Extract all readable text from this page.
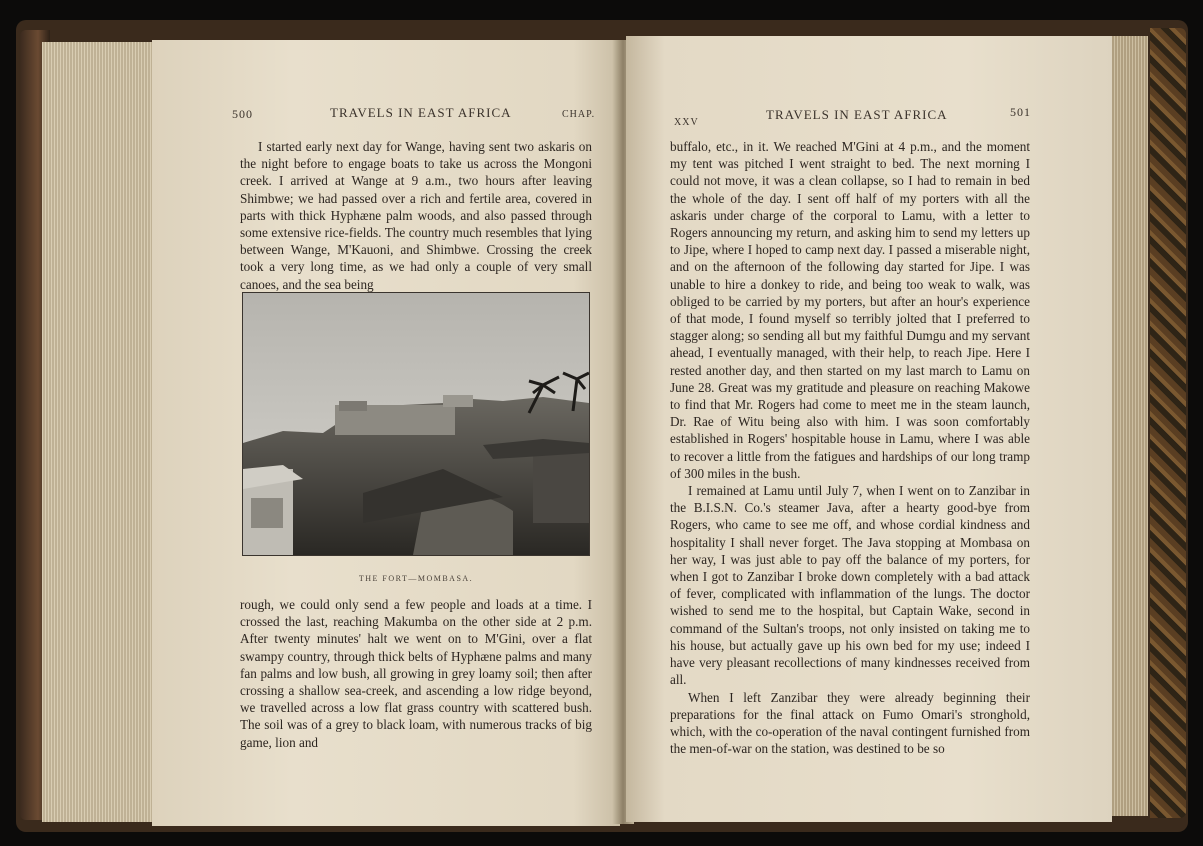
500	TRAVELS IN EAST AFRICA	CHAP.

I started early next day for Wange, having sent two askaris on the night before to engage boats to take us across the Mongoni creek. I arrived at Wange at 9 a.m., two hours after leaving Shimbwe; we had passed over a rich and fertile area, covered in parts with thick Hyphæne palm woods, and also passed through some extensive rice-fields. The country much resembles that lying between Wange, M'Kauoni, and Shimbwe. Crossing the creek took a very long time, as we had only a couple of very small canoes, and the sea being

THE FORT—MOMBASA.

rough, we could only send a few people and loads at a time. I crossed the last, reaching Makumba on the other side at 2 p.m. After twenty minutes' halt we went on to M'Gini, over a flat swampy country, through thick belts of Hyphæne palms and many fan palms and low bush, all growing in grey loamy soil; then after crossing a shallow sea-creek, and ascending a low ridge beyond, we travelled across a low flat grass country with scattered bush. The soil was of a grey to black loam, with numerous tracks of big game, lion and

XXV
TRAVELS IN EAST AFRICA	501

buffalo, etc., in it. We reached M'Gini at 4 p.m., and the moment my tent was pitched I went straight to bed. The next morning I could not move, it was a clean collapse, so I had to remain in bed the whole of the day. I sent off half of my porters with all the askaris under charge of the corporal to Lamu, with a letter to Rogers announcing my return, and asking him to send my letters up to Jipe, where I hoped to camp next day. I passed a miserable night, and on the afternoon of the following day started for Jipe. I was unable to hire a donkey to ride, and being too weak to walk, was obliged to be carried by my porters, but after an hour's experience of that mode, I found myself so terribly jolted that I preferred to stagger along; so sending all but my faithful Dumgu and my servant ahead, I eventually managed, with their help, to reach Jipe. Here I rested another day, and then started on my last march to Lamu on June 28. Great was my gratitude and pleasure on reaching Makowe to find that Mr. Rogers had come to meet me in the steam launch, Dr. Rae of Witu being also with him. I was soon comfortably established in Rogers' hospitable house in Lamu, where I was able to recover a little from the fatigues and hardships of our long tramp of 300 miles in the bush.

I remained at Lamu until July 7, when I went on to Zanzibar in the B.I.S.N. Co.'s steamer Java, after a hearty good-bye from Rogers, who came to see me off, and whose cordial kindness and hospitality I shall never forget. The Java stopping at Mombasa on her way, I was just able to pay off the balance of my porters, for when I got to Zanzibar I broke down completely with a bad attack of fever, complicated with inflammation of the lungs. The doctor wished to send me to the hospital, but Captain Wake, second in command of the Sultan's troops, not only insisted on taking me to his house, but actually gave up his own bed for my use; indeed I have very pleasant recollections of many kindnesses received from all.

When I left Zanzibar they were already beginning their preparations for the final attack on Fumo Omari's stronghold, which, with the co-operation of the naval contingent furnished from the men-of-war on the station, was destined to be so
